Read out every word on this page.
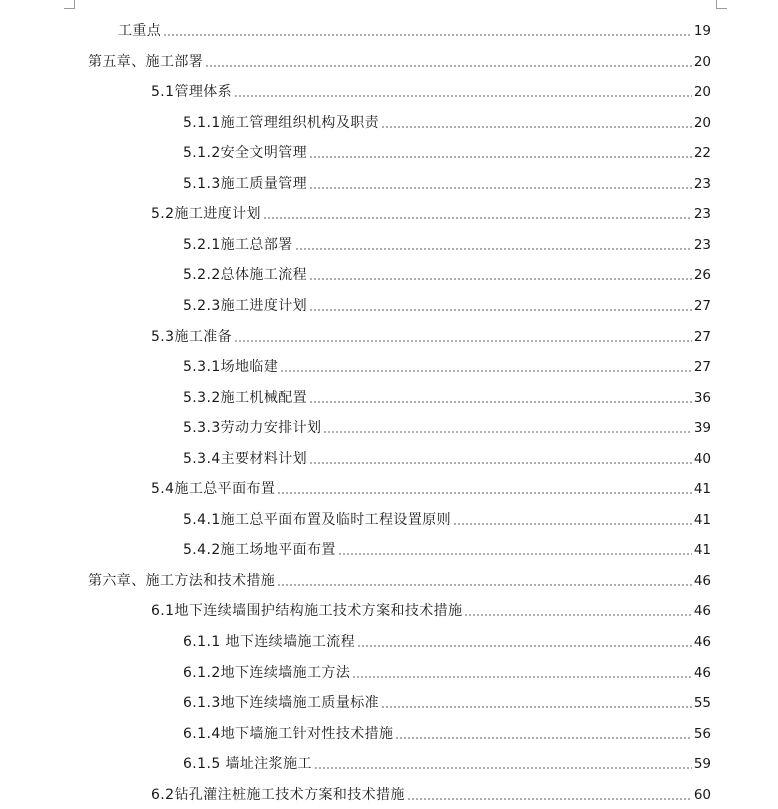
工重点	19
第五章、施工部署	20
5.1管理体系	20
5.1.1施工管理组织机构及职责	20
5.1.2安全文明管理	22
5.1.3施工质量管理	23
5.2施工进度计划	23
5.2.1施工总部署	23
5.2.2总体施工流程	26
5.2.3施工进度计划	27
5.3施工准备	27
5.3.1场地临建	27
5.3.2施工机械配置	36
5.3.3劳动力安排计划	39
5.3.4主要材料计划	40
5.4施工总平面布置	41
5.4.1施工总平面布置及临时工程设置原则	41
5.4.2施工场地平面布置	41
第六章、施工方法和技术措施	46
6.1地下连续墙围护结构施工技术方案和技术措施	46
6.1.1 地下连续墙施工流程	46
6.1.2地下连续墙施工方法	46
6.1.3地下连续墙施工质量标准	55
6.1.4地下墙施工针对性技术措施	56
6.1.5 墙址注浆施工	59
6.2钻孔灌注桩施工技术方案和技术措施	60
